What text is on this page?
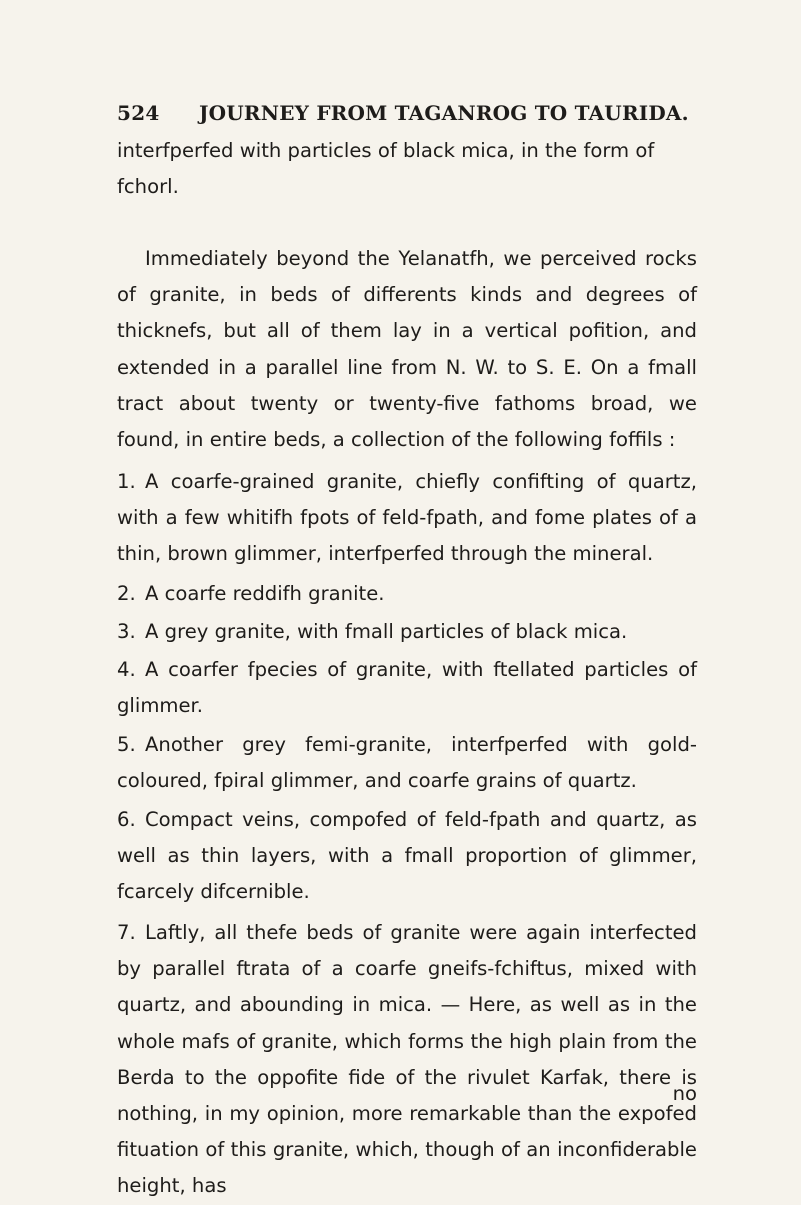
524 JOURNEY FROM TAGANROG TO TAURIDA.

interfperfed with particles of black mica, in the form of fchorl.

Immediately beyond the Yelanatfh, we perceived rocks of granite, in beds of differents kinds and degrees of thicknefs, but all of them lay in a vertical pofition, and extended in a parallel line from N. W. to S. E. On a fmall tract about twenty or twenty-five fathoms broad, we found, in entire beds, a collection of the following foffils :

1. A coarfe-grained granite, chiefly confifting of quartz, with a few whitifh fpots of feld-fpath, and fome plates of a thin, brown glimmer, interfperfed through the mineral.
2. A coarfe reddifh granite.
3. A grey granite, with fmall particles of black mica.
4. A coarfer fpecies of granite, with ftellated particles of glimmer.
5. Another grey femi-granite, interfperfed with gold-coloured, fpiral glimmer, and coarfe grains of quartz.
6. Compact veins, compofed of feld-fpath and quartz, as well as thin layers, with a fmall proportion of glimmer, fcarcely difcernible.
7. Laftly, all thefe beds of granite were again interfected by parallel ftrata of a coarfe gneifs-fchiftus, mixed with quartz, and abounding in mica. — Here, as well as in the whole mafs of granite, which forms the high plain from the Berda to the oppofite fide of the rivulet Karfak, there is nothing, in my opinion, more remarkable than the expofed fituation of this granite, which, though of an inconfiderable height, has
no
